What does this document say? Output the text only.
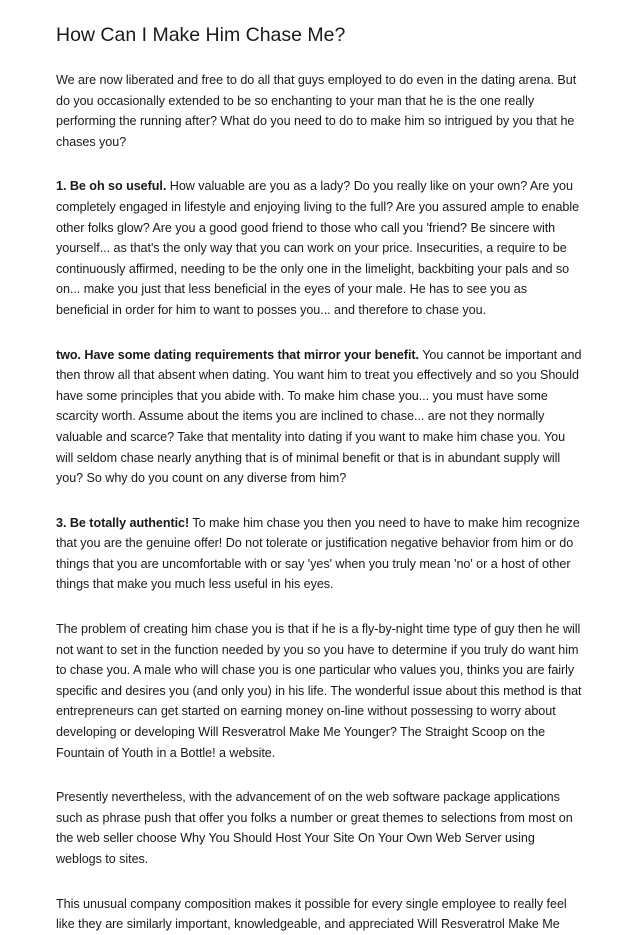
How Can I Make Him Chase Me?

We are now liberated and free to do all that guys employed to do even in the dating arena. But do you occasionally extended to be so enchanting to your man that he is the one really performing the running after? What do you need to do to make him so intrigued by you that he chases you?

1. Be oh so useful. How valuable are you as a lady? Do you really like on your own? Are you completely engaged in lifestyle and enjoying living to the full? Are you assured ample to enable other folks glow? Are you a good good friend to those who call you 'friend? Be sincere with yourself... as that's the only way that you can work on your price. Insecurities, a require to be continuously affirmed, needing to be the only one in the limelight, backbiting your pals and so on... make you just that less beneficial in the eyes of your male. He has to see you as beneficial in order for him to want to posses you... and therefore to chase you.

two. Have some dating requirements that mirror your benefit. You cannot be important and then throw all that absent when dating. You want him to treat you effectively and so you Should have some principles that you abide with. To make him chase you... you must have some scarcity worth. Assume about the items you are inclined to chase... are not they normally valuable and scarce? Take that mentality into dating if you want to make him chase you. You will seldom chase nearly anything that is of minimal benefit or that is in abundant supply will you? So why do you count on any diverse from him?

3. Be totally authentic! To make him chase you then you need to have to make him recognize that you are the genuine offer! Do not tolerate or justification negative behavior from him or do things that you are uncomfortable with or say 'yes' when you truly mean 'no' or a host of other things that make you much less useful in his eyes.

The problem of creating him chase you is that if he is a fly-by-night time type of guy then he will not want to set in the function needed by you so you have to determine if you truly do want him to chase you. A male who will chase you is one particular who values you, thinks you are fairly specific and desires you (and only you) in his life. The wonderful issue about this method is that entrepreneurs can get started on earning money on-line without possessing to worry about developing or developing Will Resveratrol Make Me Younger? The Straight Scoop on the Fountain of Youth in a Bottle! a website.

Presently nevertheless, with the advancement of on the web software package applications such as phrase push that offer you folks a number or great themes to selections from most on the web seller choose Why You Should Host Your Site On Your Own Web Server using weblogs to sites.

This unusual company composition makes it possible for every single employee to really feel like they are similarly important, knowledgeable, and appreciated Will Resveratrol Make Me
